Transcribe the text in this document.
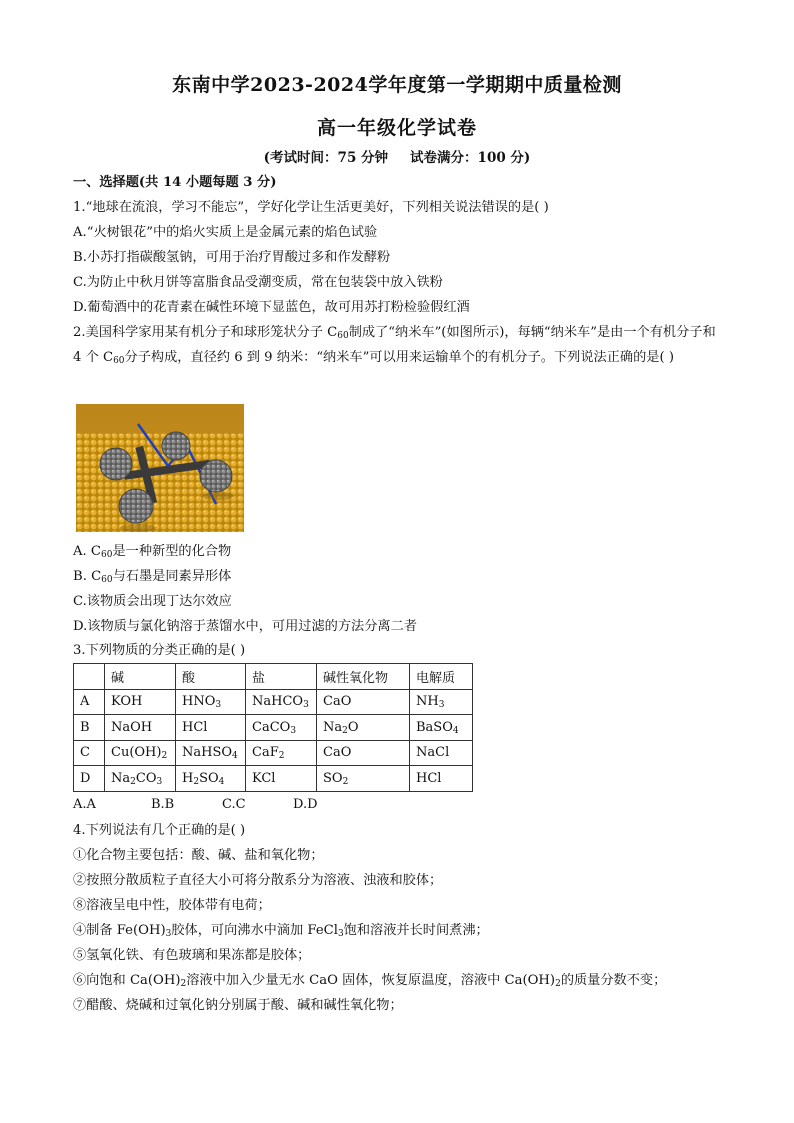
东南中学2023-2024学年度第一学期期中质量检测
高一年级化学试卷
(考试时间：75 分钟 试卷满分：100 分)
一、选择题(共 14 小题每题 3 分)
1.“地球在流浪，学习不能忘”，学好化学让生活更美好，下列相关说法错误的是( )
A.“火树银花”中的焰火实质上是金属元素的焰色试验
B.小苏打指碳酸氢钠，可用于治疗胃酸过多和作发酵粉
C.为防止中秋月饼等富脂食品受潮变质，常在包装袋中放入铁粉
D.葡萄酒中的花青素在碱性环境下显蓝色，故可用苏打粉检验假红酒
2.美国科学家用某有机分子和球形笼状分子 $C_{60}$制成了“纳米车”(如图所示)，每辆“纳米车”是由一个有机分子和4 个 $C_{60}$分子构成，直径约 6 到 9 纳米：“纳米车”可以用来运输单个的有机分子。下列说法正确的是( )
A. $C_{60}$是一种新型的化合物
B. $C_{60}$与石墨是同素异形体
C.该物质会出现丁达尔效应
D.该物质与氯化钠溶于蒸馏水中，可用过滤的方法分离二者
3.下列物质的分类正确的是( )
	碱	酸	盐	碱性氧化物	电解质
A	KOH	$HNO_3$	NaHCO$_3$	CaO	$NH_3$
B	NaOH	HCl	CaCO$_3$	$Na_2O$	BaSO$_4$
C	$Cu(OH)_2$	NaHSO$_4$	CaF$_2$	CaO	NaCl
D	$Na_2CO_3$	$H_2SO_4$	KCl	$SO_2$	HCl
A.A	B.B	C.C	D.D
4.下列说法有几个正确的是( )
①化合物主要包括：酸、碱、盐和氧化物；
②按照分散质粒子直径大小可将分散系分为溶液、浊液和胶体；
⑧溶液呈电中性，胶体带有电荷；
④制备 $Fe(OH)_3$胶体，可向沸水中滴加 FeCl$_3$饱和溶液并长时间煮沸；
⑤氢氧化铁、有色玻璃和果冻都是胶体；
⑥向饱和 $Ca(OH)_2$溶液中加入少量无水 CaO 固体，恢复原温度，溶液中 $Ca(OH)_2$的质量分数不变；
⑦醋酸、烧碱和过氧化钠分别属于酸、碱和碱性氧化物；
